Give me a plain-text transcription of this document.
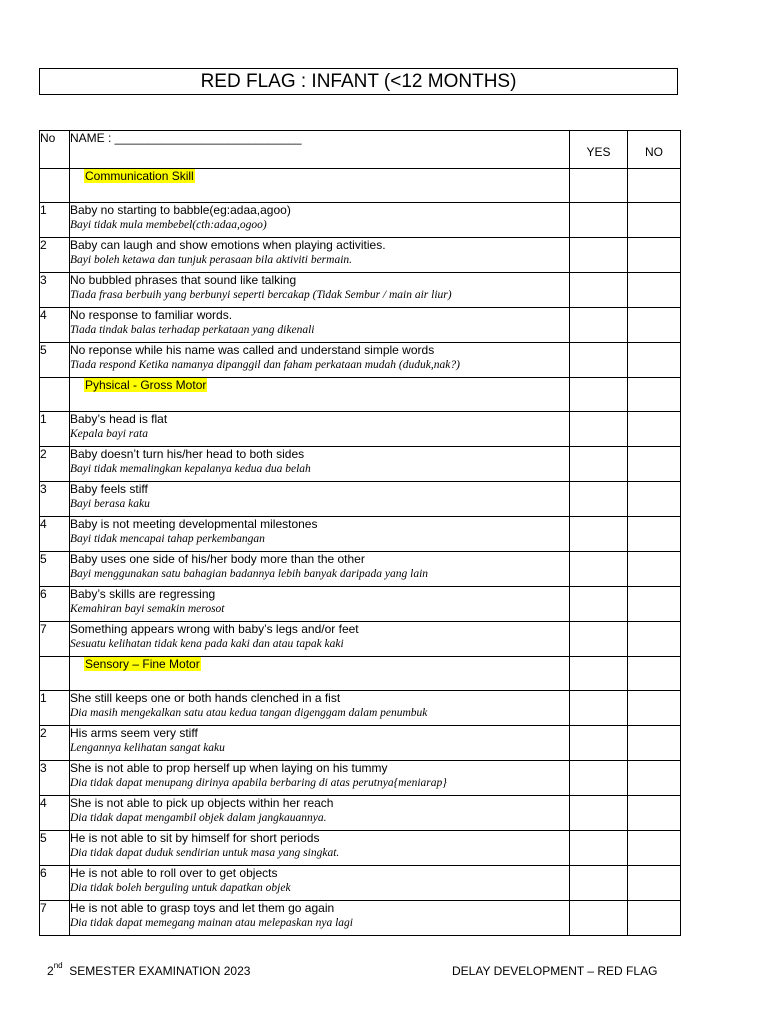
RED FLAG : INFANT (<12 MONTHS)
No	NAME : ____________________________	YES	NO
	Communication Skill		
1	Baby no starting to babble(eg:adaa,agoo)
Bayi tidak mula membebel(cth:adaa,ogoo)		

2	Baby can laugh and show emotions when playing activities.
Bayi boleh ketawa dan tunjuk perasaan bila aktiviti bermain.		

3	No bubbled phrases that sound like talking
Tiada frasa berbuih yang berbunyi seperti bercakap (Tidak Sembur / main air liur)		

4	No response to familiar words.
Tiada tindak balas terhadap perkataan yang dikenali		

5	No reponse while his name was called and understand simple words
Tiada respond Ketika namanya dipanggil dan faham perkataan mudah (duduk,nak?)		

	Pyhsical - Gross Motor		
1	Baby’s head is flat
Kepala bayi rata		

2	Baby doesn’t turn his/her head to both sides
Bayi tidak memalingkan kepalanya kedua dua belah		

3	Baby feels stiff
Bayi berasa kaku		

4	Baby is not meeting developmental milestones
Bayi tidak mencapai tahap perkembangan		

5	Baby uses one side of his/her body more than the other
Bayi menggunakan satu bahagian badannya lebih banyak daripada yang lain		

6	Baby’s skills are regressing
Kemahiran bayi semakin merosot		

7	Something appears wrong with baby’s legs and/or feet
Sesuatu kelihatan tidak kena pada kaki dan atau tapak kaki		

	Sensory – Fine Motor		
1	She still keeps one or both hands clenched in a fist
Dia masih mengekalkan satu atau kedua tangan digenggam dalam penumbuk		

2	His arms seem very stiff
Lengannya kelihatan sangat kaku		

3	She is not able to prop herself up when laying on his tummy
Dia tidak dapat menupang dirinya apabila berbaring di atas perutnya{meniarap}		

4	She is not able to pick up objects within her reach
Dia tidak dapat mengambil objek dalam jangkauannya.		

5	He is not able to sit by himself for short periods
Dia tidak dapat duduk sendirian untuk masa yang singkat.		

6	He is not able to roll over to get objects
Dia tidak boleh berguling untuk dapatkan objek		

7	He is not able to grasp toys and let them go again
Dia tidak dapat memegang mainan atau melepaskan nya lagi		

2nd SEMESTER EXAMINATION 2023	DELAY DEVELOPMENT – RED FLAG
